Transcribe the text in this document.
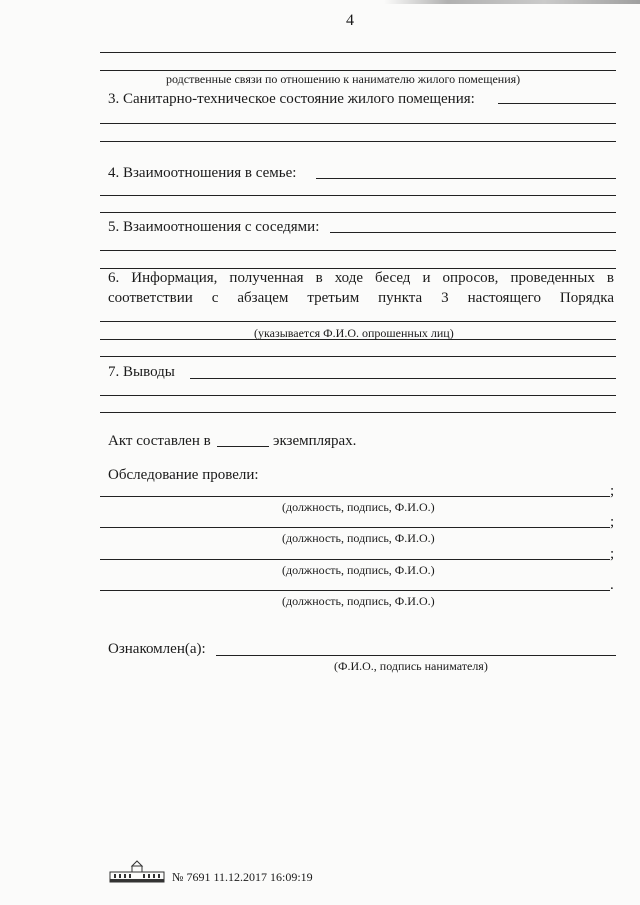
4
родственные связи по отношению к нанимателю жилого помещения)
3. Санитарно-техническое состояние жилого помещения:
4. Взаимоотношения в семье:
5. Взаимоотношения с соседями:
6. Информация, полученная в ходе бесед и опросов, проведенных в
соответствии с абзацем третьим пункта 3 настоящего Порядка
(указывается Ф.И.О. опрошенных лиц)
7. Выводы
Акт составлен в	экземплярах.
Обследование провели:
;
(должность, подпись, Ф.И.О.)
;
(должность, подпись, Ф.И.О.)
;
(должность, подпись, Ф.И.О.)
.
(должность, подпись, Ф.И.О.)
Ознакомлен(а):
(Ф.И.О., подпись нанимателя)
№ 7691 11.12.2017 16:09:19
